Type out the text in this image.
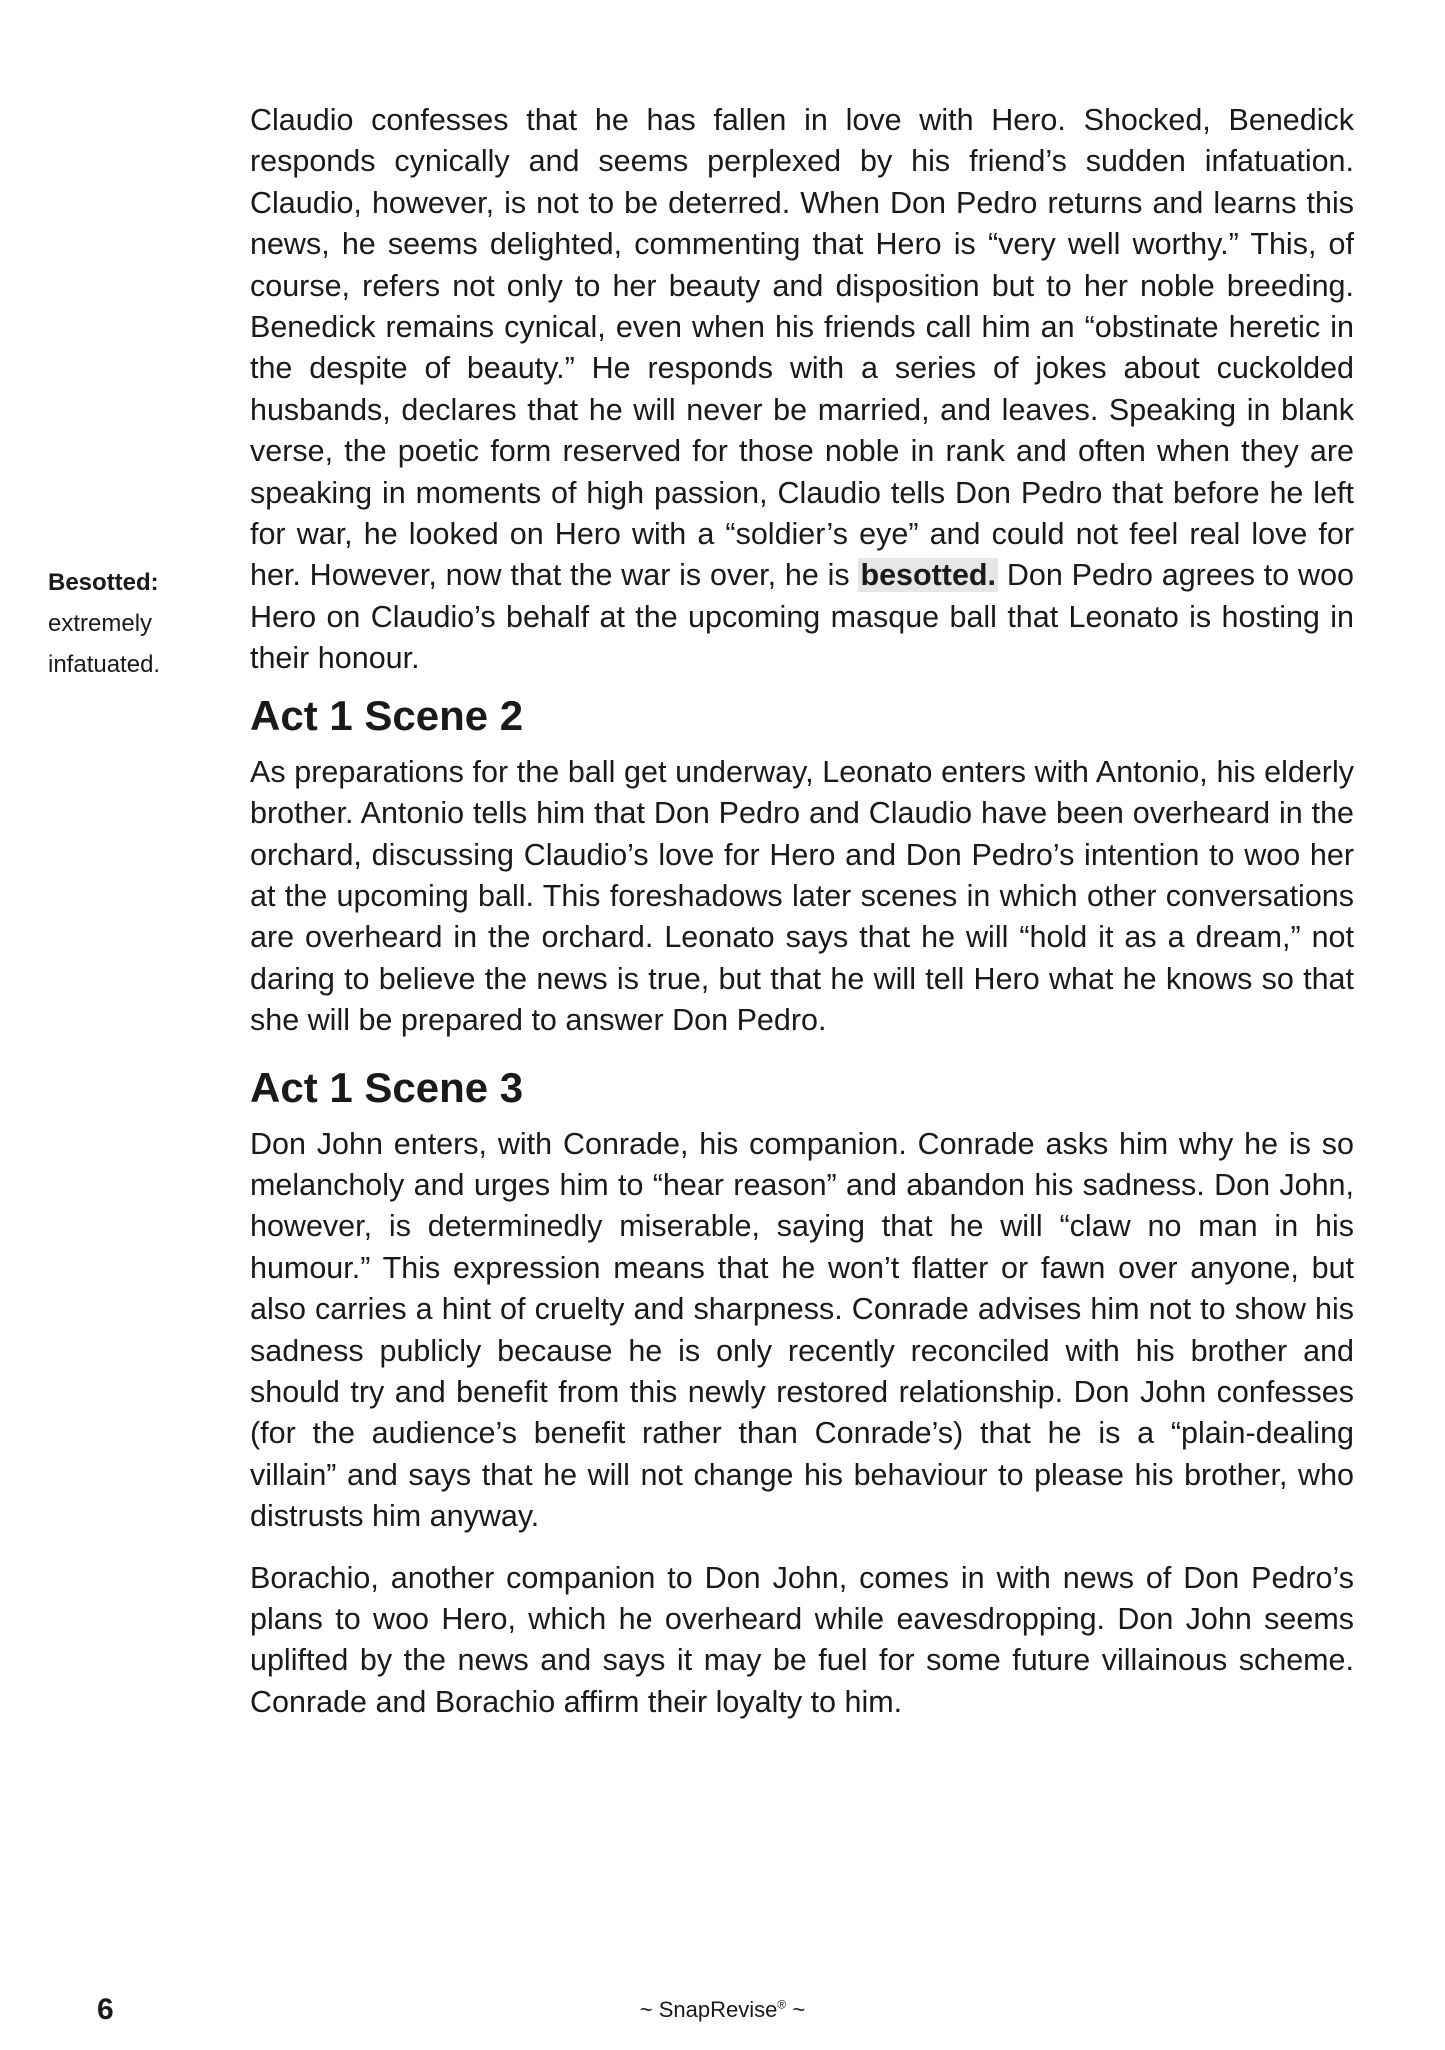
Besotted:
extremely
infatuated.

Claudio confesses that he has fallen in love with Hero. Shocked, Benedick responds cynically and seems perplexed by his friend’s sudden infatuation. Claudio, however, is not to be deterred. When Don Pedro returns and learns this news, he seems delighted, commenting that Hero is “very well worthy.” This, of course, refers not only to her beauty and disposition but to her noble breeding. Benedick remains cynical, even when his friends call him an “obstinate heretic in the despite of beauty.” He responds with a series of jokes about cuckolded husbands, declares that he will never be married, and leaves. Speaking in blank verse, the poetic form reserved for those noble in rank and often when they are speaking in moments of high passion, Claudio tells Don Pedro that before he left for war, he looked on Hero with a “soldier’s eye” and could not feel real love for her. However, now that the war is over, he is besotted. Don Pedro agrees to woo Hero on Claudio’s behalf at the upcoming masque ball that Leonato is hosting in their honour.

Act 1 Scene 2

As preparations for the ball get underway, Leonato enters with Antonio, his elderly brother. Antonio tells him that Don Pedro and Claudio have been overheard in the orchard, discussing Claudio’s love for Hero and Don Pedro’s intention to woo her at the upcoming ball. This foreshadows later scenes in which other conversations are overheard in the orchard. Leonato says that he will “hold it as a dream,” not daring to believe the news is true, but that he will tell Hero what he knows so that she will be prepared to answer Don Pedro.

Act 1 Scene 3

Don John enters, with Conrade, his companion. Conrade asks him why he is so melancholy and urges him to “hear reason” and abandon his sadness. Don John, however, is determinedly miserable, saying that he will “claw no man in his humour.” This expression means that he won’t flatter or fawn over anyone, but also carries a hint of cruelty and sharpness. Conrade advises him not to show his sadness publicly because he is only recently reconciled with his brother and should try and benefit from this newly restored relationship. Don John confesses (for the audience’s benefit rather than Conrade’s) that he is a “plain-dealing villain” and says that he will not change his behaviour to please his brother, who distrusts him anyway.

Borachio, another companion to Don John, comes in with news of Don Pedro’s plans to woo Hero, which he overheard while eavesdropping. Don John seems uplifted by the news and says it may be fuel for some future villainous scheme. Conrade and Borachio affirm their loyalty to him.

6	~ SnapRevise® ~
